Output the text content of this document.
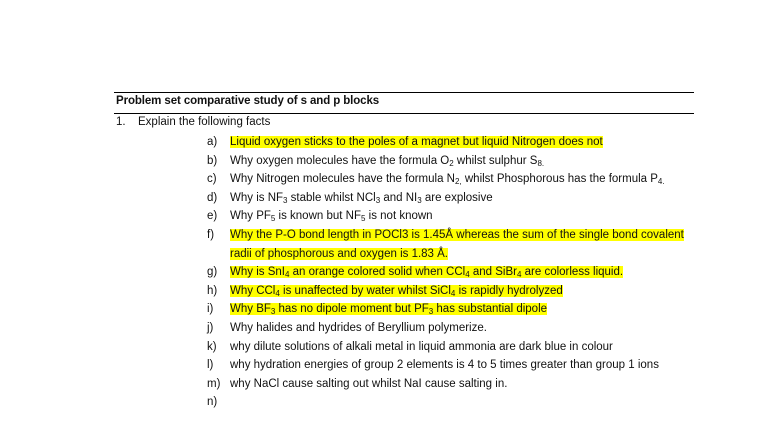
Problem set comparative study of s and p blocks
1. Explain the following facts
a) Liquid oxygen sticks to the poles of a magnet but liquid Nitrogen does not
b) Why oxygen molecules have the formula $O_2$ whilst sulphur $S_{8.}$
c) Why Nitrogen molecules have the formula $N_{2,}$ whilst Phosphorous has the formula $P_{4.}$
d) Why is $NF_3$ stable whilst NCl$_3$ and $NI_3$ are explosive
e) Why $PF_5$ is known but $NF_5$ is not known
f) Why the P-O bond length in POCl3 is 1.45Å whereas the sum of the single bond covalent radii of phosphorous and oxygen is 1.83 Å.
g) Why is SnI$_4$ an orange colored solid when CCl$_4$ and SiBr$_4$ are colorless liquid.
h) Why CCl$_4$ is unaffected by water whilst SiCl$_4$ is rapidly hydrolyzed
i) Why $BF_3$ has no dipole moment but $PF_3$ has substantial dipole
j) Why halides and hydrides of Beryllium polymerize.
k) why dilute solutions of alkali metal in liquid ammonia are dark blue in colour
l) why hydration energies of group 2 elements is 4 to 5 times greater than group 1 ions
m) why NaCl cause salting out whilst NaI cause salting in.
n)
